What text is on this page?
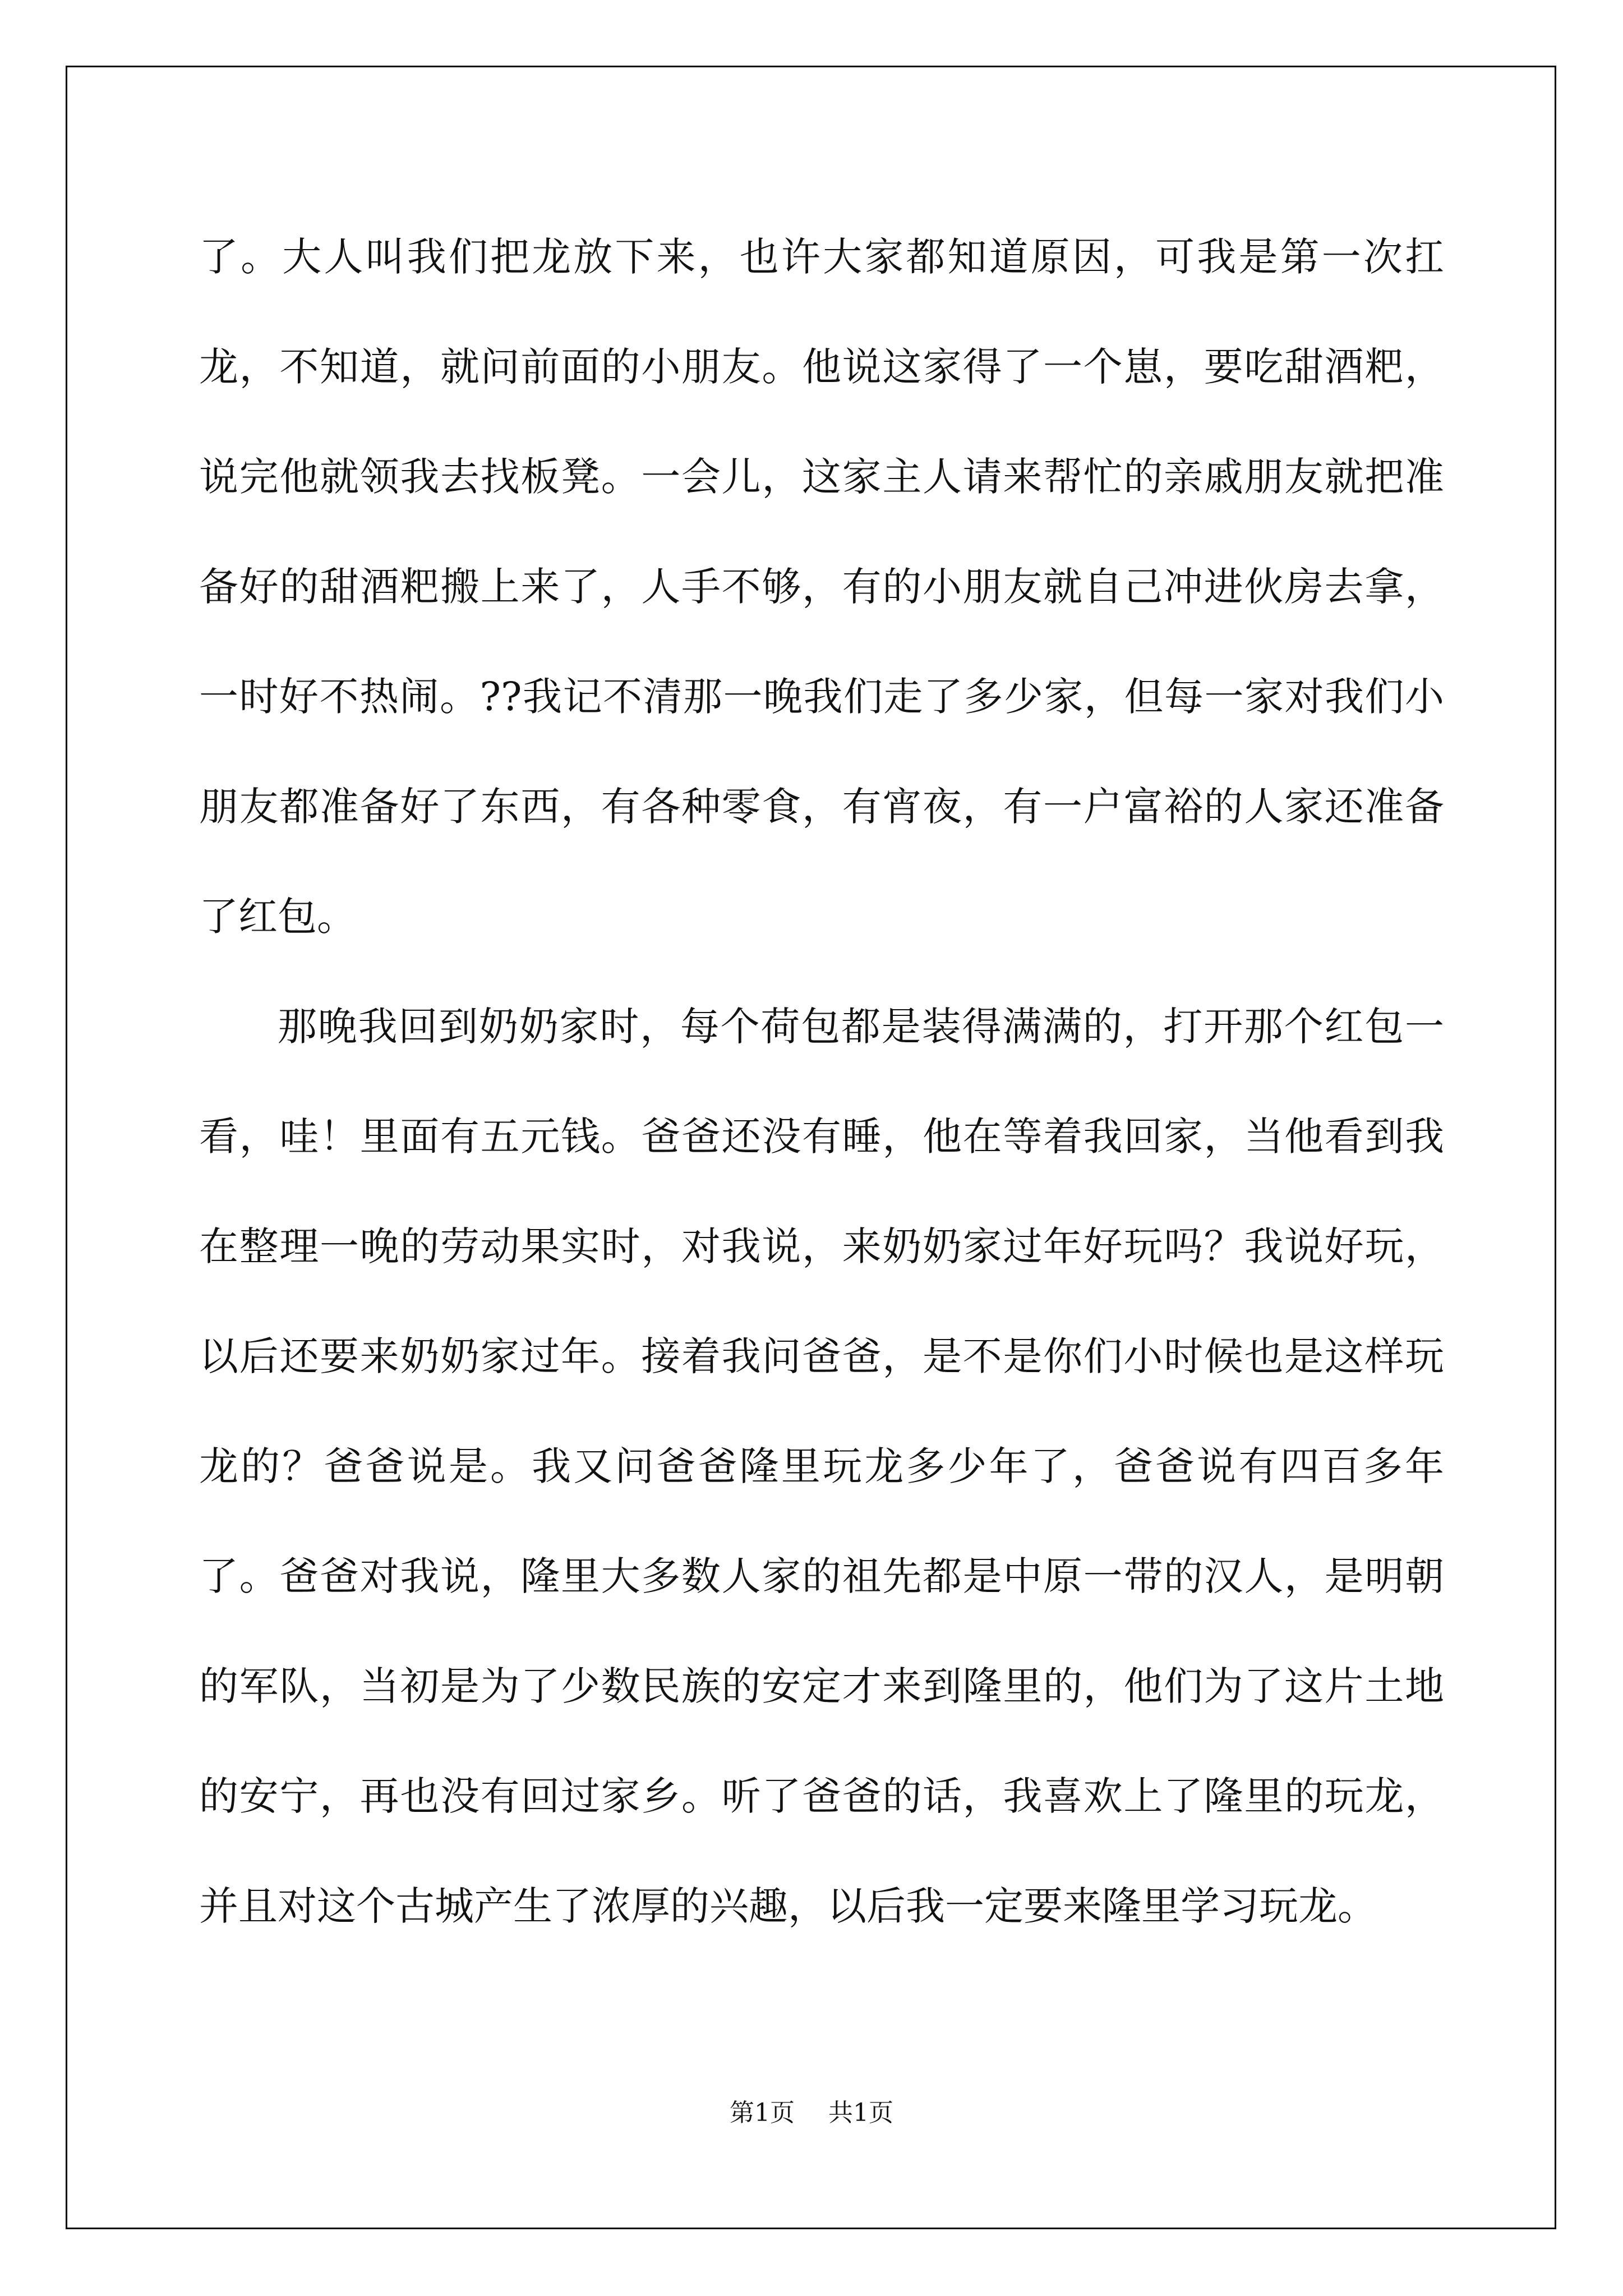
了。大人叫我们把龙放下来，也许大家都知道原因，可我是第一次扛龙，不知道，就问前面的小朋友。他说这家得了一个崽，要吃甜酒粑，说完他就领我去找板凳。一会儿，这家主人请来帮忙的亲戚朋友就把准备好的甜酒粑搬上来了，人手不够，有的小朋友就自己冲进伙房去拿，一时好不热闹。??我记不清那一晚我们走了多少家，但每一家对我们小朋友都准备好了东西，有各种零食，有宵夜，有一户富裕的人家还准备了红包。

那晚我回到奶奶家时，每个荷包都是装得满满的，打开那个红包一看，哇！里面有五元钱。爸爸还没有睡，他在等着我回家，当他看到我在整理一晚的劳动果实时，对我说，来奶奶家过年好玩吗？我说好玩，以后还要来奶奶家过年。接着我问爸爸，是不是你们小时候也是这样玩龙的？爸爸说是。我又问爸爸隆里玩龙多少年了，爸爸说有四百多年了。爸爸对我说，隆里大多数人家的祖先都是中原一带的汉人，是明朝的军队，当初是为了少数民族的安定才来到隆里的，他们为了这片土地的安宁，再也没有回过家乡。听了爸爸的话，我喜欢上了隆里的玩龙，并且对这个古城产生了浓厚的兴趣，以后我一定要来隆里学习玩龙。

第1页 共1页
